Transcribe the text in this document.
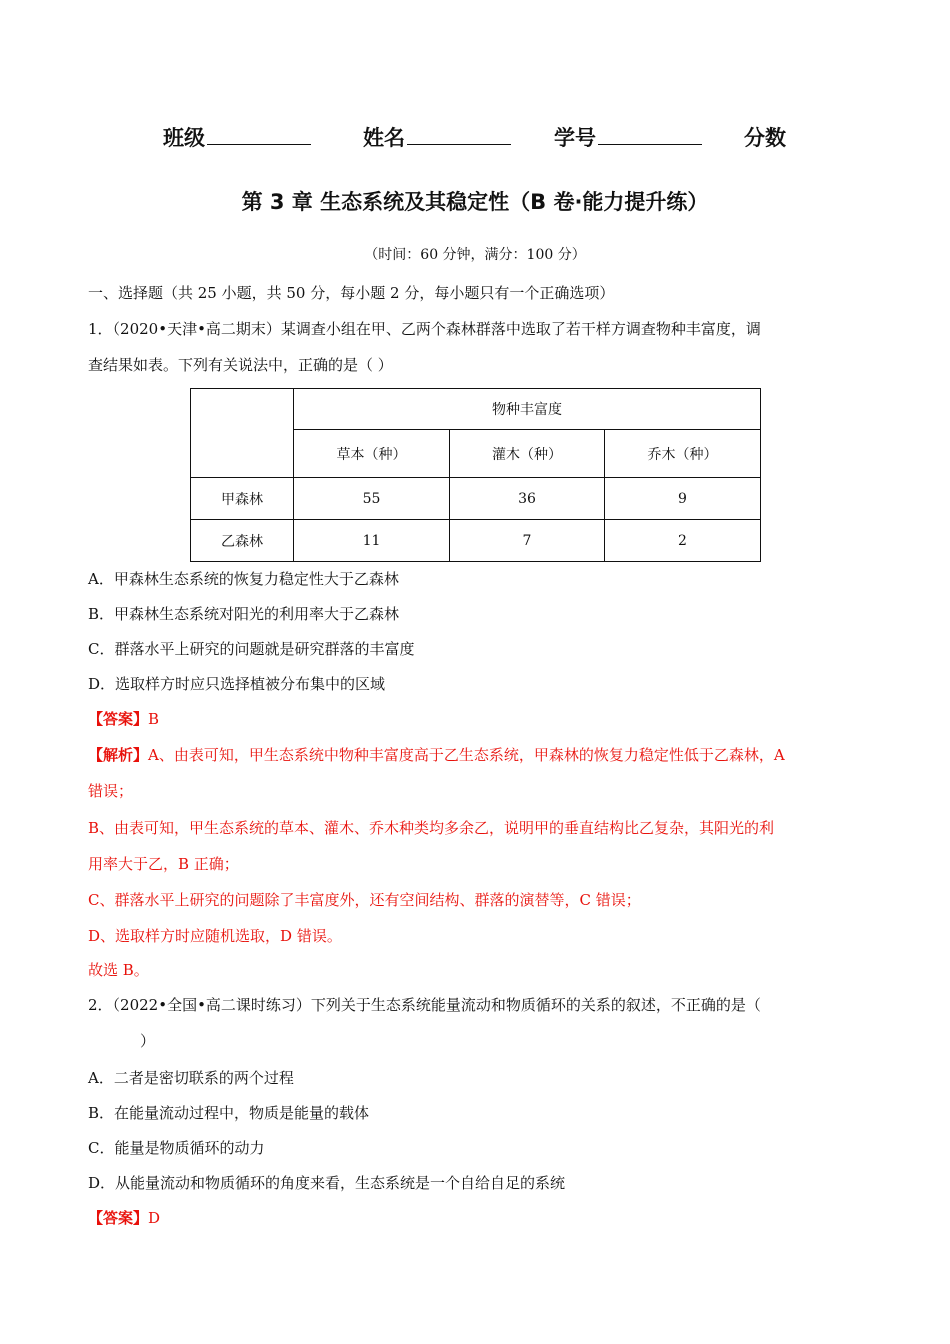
班级	姓名	学号	分数
第 3 章 生态系统及其稳定性（B 卷·能力提升练）
（时间：60 分钟，满分：100 分）
一、选择题（共 25 小题，共 50 分，每小题 2 分，每小题只有一个正确选项）
1．（2020•天津•高二期末）某调查小组在甲、乙两个森林群落中选取了若干样方调查物种丰富度，调
查结果如表。下列有关说法中，正确的是（ ）
	物种丰富度		
	草本（种）	灌木（种）	乔木（种）
甲森林	55	36	9
乙森林	11	7	2
A．甲森林生态系统的恢复力稳定性大于乙森林
B．甲森林生态系统对阳光的利用率大于乙森林
C．群落水平上研究的问题就是研究群落的丰富度
D．选取样方时应只选择植被分布集中的区域
【答案】B
【解析】A、由表可知，甲生态系统中物种丰富度高于乙生态系统，甲森林的恢复力稳定性低于乙森林，A
错误；
B、由表可知，甲生态系统的草本、灌木、乔木种类均多余乙，说明甲的垂直结构比乙复杂，其阳光的利
用率大于乙，B 正确；
C、群落水平上研究的问题除了丰富度外，还有空间结构、群落的演替等，C 错误；
D、选取样方时应随机选取，D 错误。
故选 B。
2．（2022•全国•高二课时练习）下列关于生态系统能量流动和物质循环的关系的叙述，不正确的是（
）
A．二者是密切联系的两个过程
B．在能量流动过程中，物质是能量的载体
C．能量是物质循环的动力
D．从能量流动和物质循环的角度来看，生态系统是一个自给自足的系统
【答案】D
